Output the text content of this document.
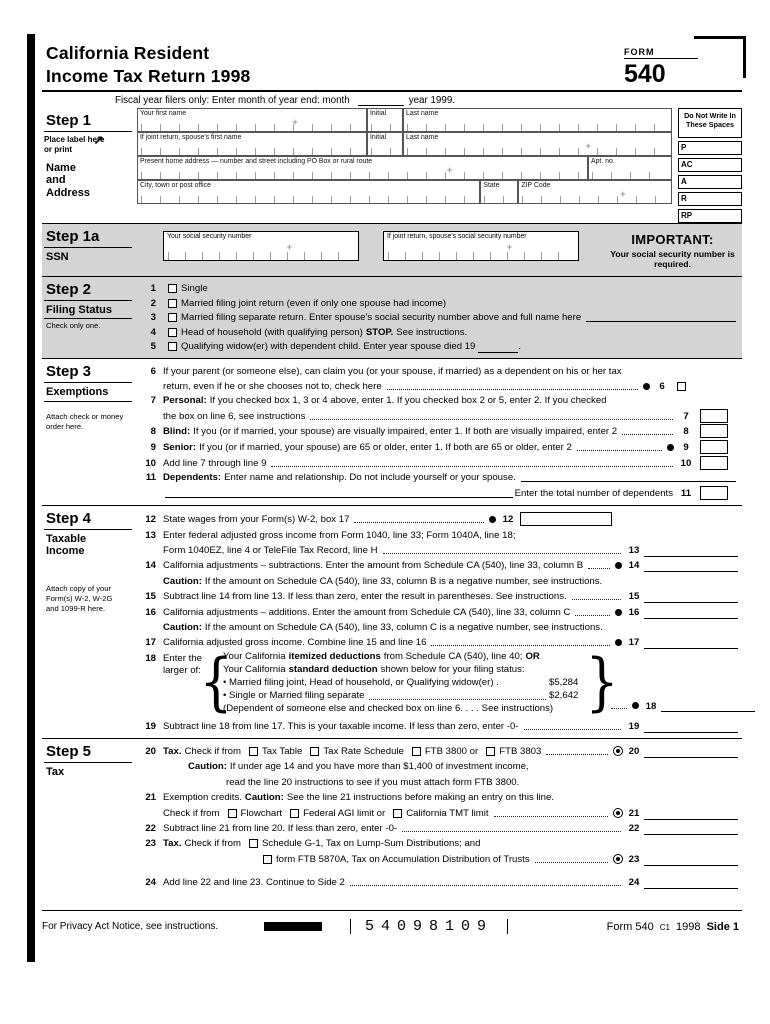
California Resident
Income Tax Return 1998
FORM
540
Fiscal year filers only: Enter month of year end: month	year 1999.
Step 1
Place label here or print
Name and Address
Your first name +	Initial	Last name
If joint return, spouse's first name	Initial	Last name +
Present home address — number and street including PO Box or rural route +	Apt. no.
City, town or post office	State	ZIP Code +
Do Not Write In These Spaces
P
AC
A
R
RP
Step 1a
SSN
Your social security number +	If joint return, spouse's social security number +	IMPORTANT:
Your social security number is required.
Step 2
Filing Status
Check only one.
1	Single
2	Married filing joint return (even if only one spouse had income)
3	Married filing separate return. Enter spouse's social security number above and full name here
4	Head of household (with qualifying person) STOP. See instructions.
5	Qualifying widow(er) with dependent child. Enter year spouse died 19	.
Step 3
Exemptions
Attach check or money order here.
6 If your parent (or someone else), can claim you (or your spouse, if married) as a dependent on his or her tax
return, even if he or she chooses not to, check here	6
7 Personal: If you checked box 1, 3 or 4 above, enter 1. If you checked box 2 or 5, enter 2. If you checked
the box on line 6, see instructions	7
8 Blind: If you (or if married, your spouse) are visually impaired, enter 1. If both are visually impaired, enter 2	8
9 Senior: If you (or if married, your spouse) are 65 or older, enter 1. If both are 65 or older, enter 2	9
10 Add line 7 through line 9	10
11 Dependents: Enter name and relationship. Do not include yourself or your spouse.
Enter the total number of dependents 11
Step 4
Taxable Income
Attach copy of your Form(s) W-2, W-2G and 1099-R here.
12 State wages from your Form(s) W-2, box 17	12
13 Enter federal adjusted gross income from Form 1040, line 33; Form 1040A, line 18;
Form 1040EZ, line 4 or TeleFile Tax Record, line H	13
14 California adjustments – subtractions. Enter the amount from Schedule CA (540), line 33, column B	14
Caution: If the amount on Schedule CA (540), line 33, column B is a negative number, see instructions.
15 Subtract line 14 from line 13. If less than zero, enter the result in parentheses. See instructions.	15
16 California adjustments – additions. Enter the amount from Schedule CA (540), line 33, column C	16
Caution: If the amount on Schedule CA (540), line 33, column C is a negative number, see instructions.
17 California adjusted gross income. Combine line 15 and line 16	17
18 Enter the
larger of:
{
Your California itemized deductions from Schedule CA (540), line 40; OR
Your California standard deduction shown below for your filing status:
• Married filing joint, Head of household, or Qualifying widow(er) .	$5,284
• Single or Married filing separate	$2,642
(Dependent of someone else and checked box on line 6. . . . See instructions) }	18
19 Subtract line 18 from line 17. This is your taxable income. If less than zero, enter -0-	19
Step 5
Tax
20 Tax. Check if from Tax Table Tax Rate Schedule FTB 3800 or FTB 3803	20
Caution: If under age 14 and you have more than $1,400 of investment income,
read the line 20 instructions to see if you must attach form FTB 3800.
21 Exemption credits. Caution: See the line 21 instructions before making an entry on this line.
Check if from Flowchart Federal AGI limit or California TMT limit	21
22 Subtract line 21 from line 20. If less than zero, enter -0-	22
23 Tax. Check if from Schedule G-1, Tax on Lump-Sum Distributions; and
form FTB 5870A, Tax on Accumulation Distribution of Trusts	23
24 Add line 22 and line 23. Continue to Side 2	24
For Privacy Act Notice, see instructions.	54098109	Form 540 C1 1998 Side 1
